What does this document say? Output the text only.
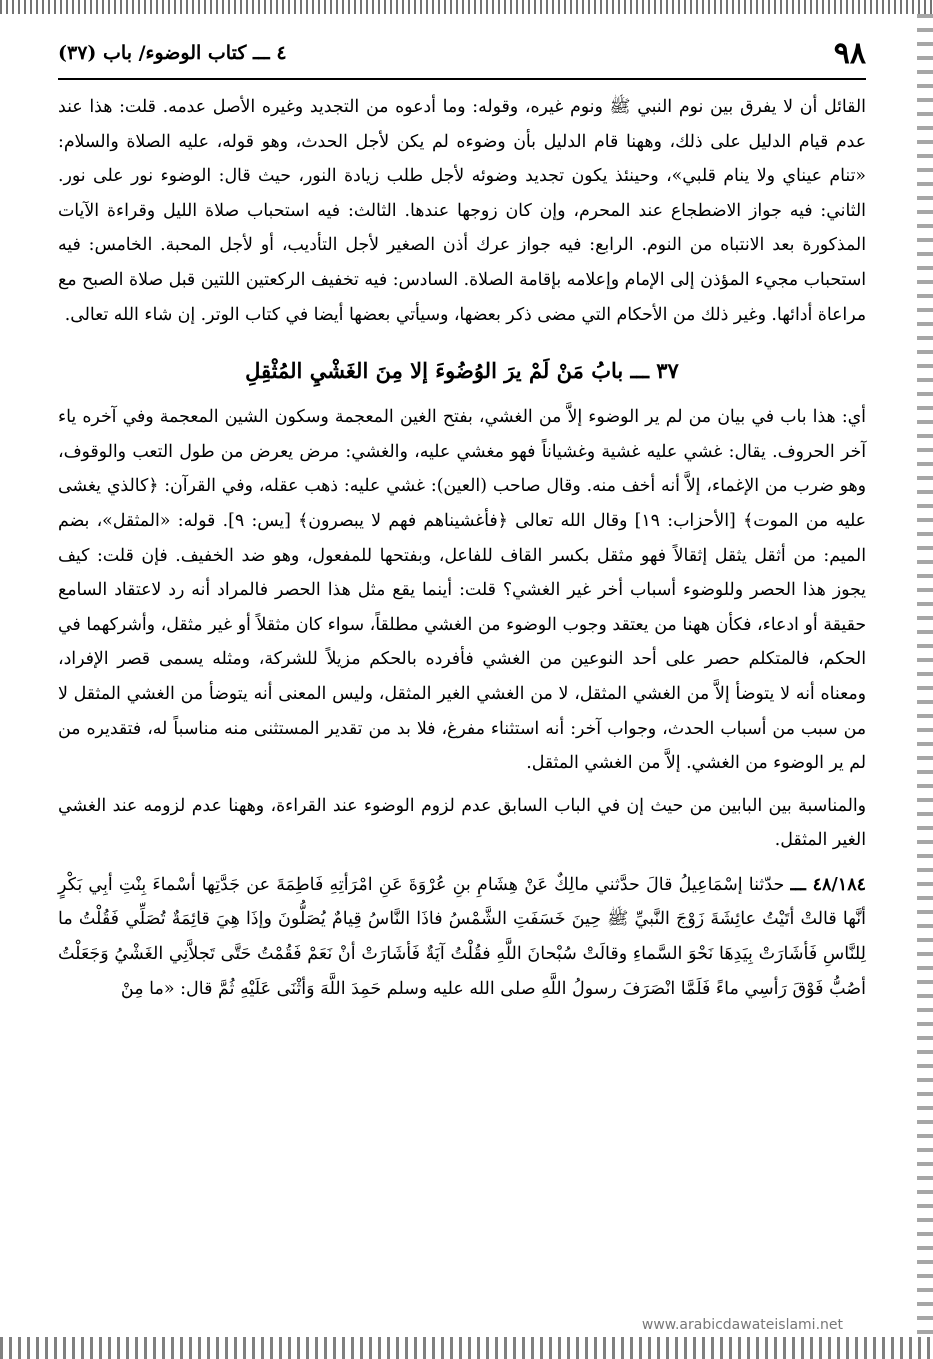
٩٨
٤ ـــ كتاب الوضوء/ باب (٣٧)

القائل أن لا يفرق بين نوم النبي ﷺ ونوم غيره، وقوله: وما أدعوه من التجديد وغيره الأصل عدمه. قلت: هذا عند عدم قيام الدليل على ذلك، وههنا قام الدليل بأن وضوءه لم يكن لأجل الحدث، وهو قوله، عليه الصلاة والسلام: «تنام عيناي ولا ينام قلبي»، وحينئذ يكون تجديد وضوئه لأجل طلب زيادة النور، حيث قال: الوضوء نور على نور. الثاني: فيه جواز الاضطجاع عند المحرم، وإن كان زوجها عندها. الثالث: فيه استحباب صلاة الليل وقراءة الآيات المذكورة بعد الانتباه من النوم. الرابع: فيه جواز عرك أذن الصغير لأجل التأديب، أو لأجل المحبة. الخامس: فيه استحباب مجيء المؤذن إلى الإمام وإعلامه بإقامة الصلاة. السادس: فيه تخفيف الركعتين اللتين قبل صلاة الصبح مع مراعاة أدائها. وغير ذلك من الأحكام التي مضى ذكر بعضها، وسيأتي بعضها أيضا في كتاب الوتر. إن شاء الله تعالى.

٣٧ ـــ بابُ مَنْ لَمْ يرَ الوُضُوءَ إلا مِنَ الغَشْيِ المُثْقِلِ

أي: هذا باب في بيان من لم ير الوضوء إلاَّ من الغشي، بفتح الغين المعجمة وسكون الشين المعجمة وفي آخره ياء آخر الحروف. يقال: غشي عليه غشية وغشياناً فهو مغشي عليه، والغشي: مرض يعرض من طول التعب والوقوف، وهو ضرب من الإغماء، إلاَّ أنه أخف منه. وقال صاحب (العين): غشي عليه: ذهب عقله، وفي القرآن: ﴿كالذي يغشى عليه من الموت﴾ [الأحزاب: ١٩] وقال الله تعالى ﴿فأغشيناهم فهم لا يبصرون﴾ [يس: ٩]. قوله: «المثقل»، بضم الميم: من أثقل يثقل إثقالاً فهو مثقل بكسر القاف للفاعل، وبفتحها للمفعول، وهو ضد الخفيف. فإن قلت: كيف يجوز هذا الحصر وللوضوء أسباب أخر غير الغشي؟ قلت: أينما يقع مثل هذا الحصر فالمراد أنه رد لاعتقاد السامع حقيقة أو ادعاء، فكأن ههنا من يعتقد وجوب الوضوء من الغشي مطلقاً، سواء كان مثقلاً أو غير مثقل، وأشركهما في الحكم، فالمتكلم حصر على أحد النوعين من الغشي فأفرده بالحكم مزيلاً للشركة، ومثله يسمى قصر الإفراد، ومعناه أنه لا يتوضأ إلاَّ من الغشي المثقل، لا من الغشي الغير المثقل، وليس المعنى أنه يتوضأ من الغشي المثقل لا من سبب من أسباب الحدث، وجواب آخر: أنه استثناء مفرغ، فلا بد من تقدير المستثنى منه مناسباً له، فتقديره من لم ير الوضوء من الغشي. إلاَّ من الغشي المثقل.

والمناسبة بين البابين من حيث إن في الباب السابق عدم لزوم الوضوء عند القراءة، وههنا عدم لزومه عند الغشي الغير المثقل.

٤٨/١٨٤ ـــ حدّثنا إسْمَاعِيلُ قالَ حدَّثني مالِكٌ عَنْ هِشَامِ بنِ عُرْوَةَ عَنِ امْرَأتِهِ فَاطِمَةَ عن جَدَّتِها أسْماءَ بِنْتِ أبِي بَكْرٍ أنَّها قالتْ أتَيْتُ عائِشَةَ زَوْجَ النَّبيِّ ﷺ حِينَ خَسَفَتِ الشَّمْسُ فاذَا النَّاسُ قِيامٌ يُصَلُّونَ وإذَا هِيَ قائِمَةٌ تُصَلِّي فَقُلْتُ ما لِلنَّاسِ فَأشَارَتْ بِيَدِهَا نَحْوَ السَّماءِ وقالَتْ سُبْحانَ اللَّهِ فقُلْتُ آيَةٌ فَأشَارَتْ أنْ نَعَمْ فَقُمْتُ حَتَّى تَجلاَّنِي الغَشْيُ وَجَعَلْتُ أصُبُّ فَوْقَ رَأسِي ماءً فَلَمَّا انْصَرَفَ رسولُ اللَّهِ صلى الله عليه وسلم حَمِدَ اللَّهَ وَأثْنَى عَلَيْهِ ثُمَّ قال: «ما مِنْ

www.arabicdawateislami.net
